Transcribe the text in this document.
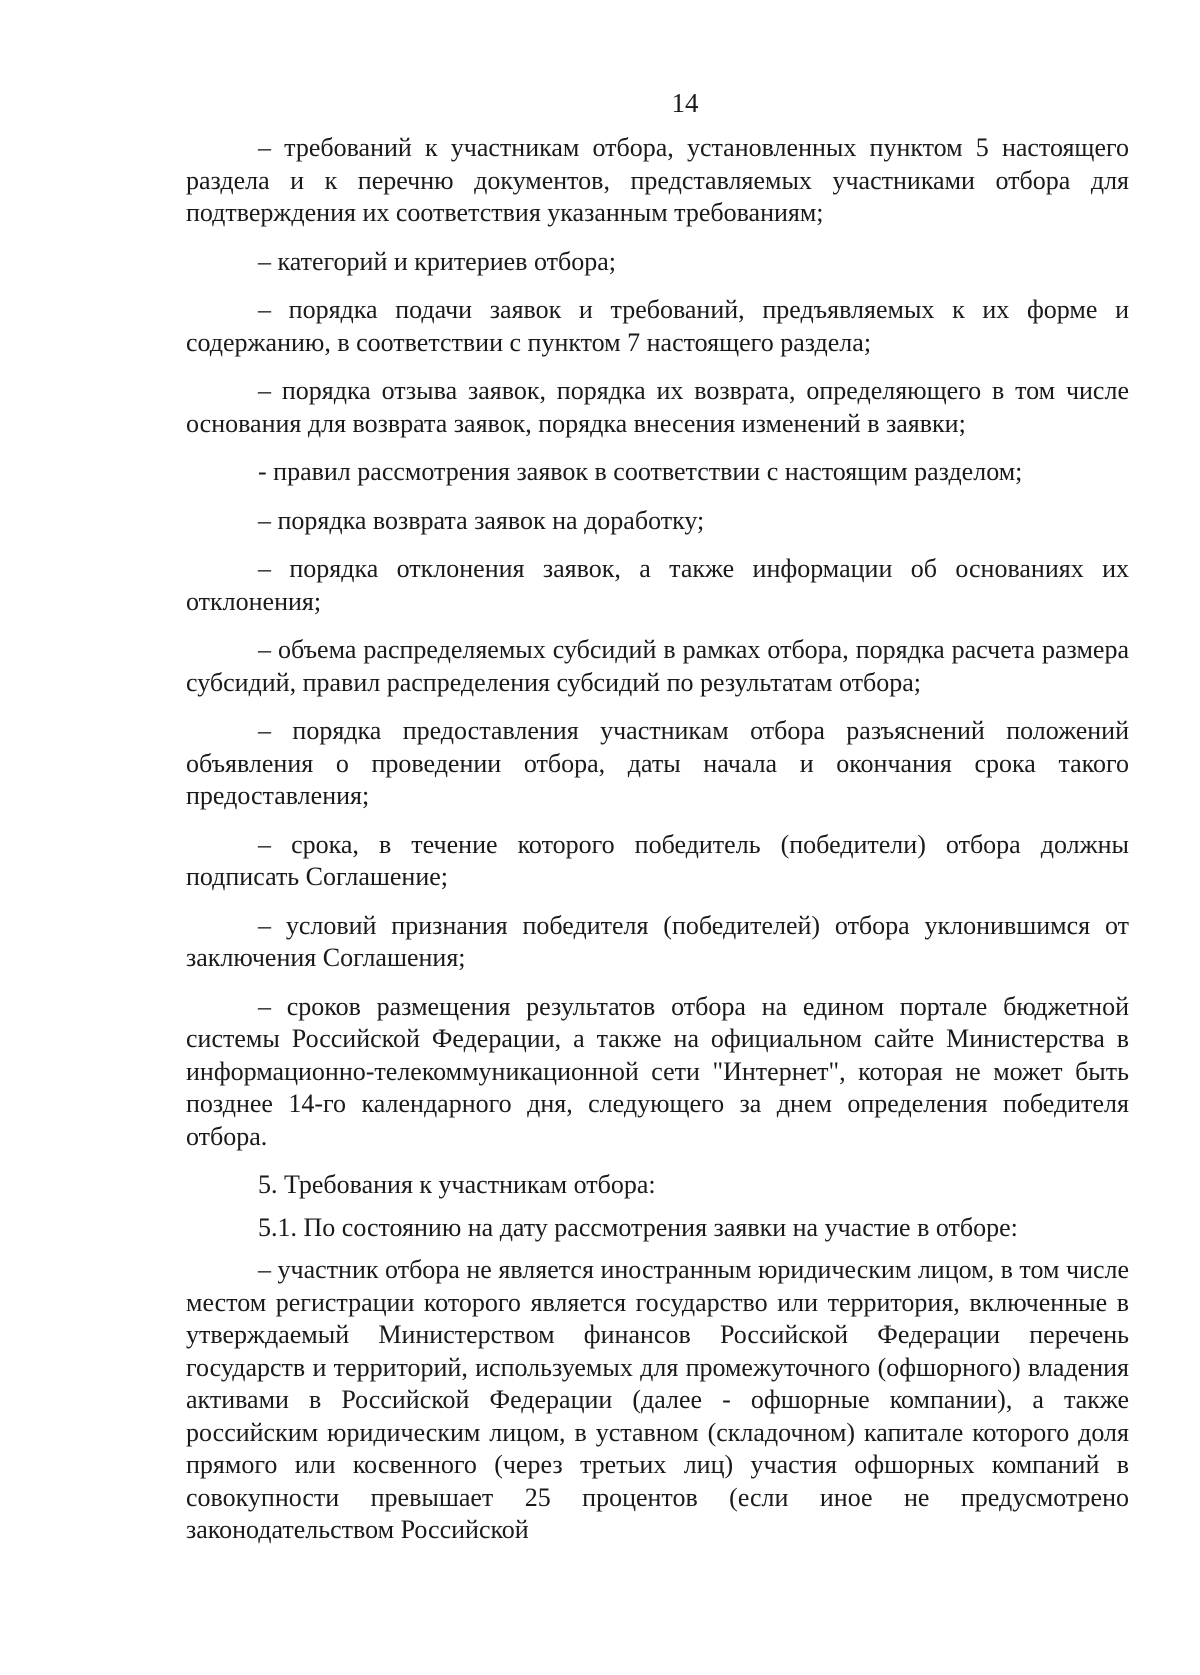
14

– требований к участникам отбора, установленных пунктом 5 настоящего раздела и к перечню документов, представляемых участниками отбора для подтверждения их соответствия указанным требованиям;

– категорий и критериев отбора;

– порядка подачи заявок и требований, предъявляемых к их форме и содержанию, в соответствии с пунктом 7 настоящего раздела;

– порядка отзыва заявок, порядка их возврата, определяющего в том числе основания для возврата заявок, порядка внесения изменений в заявки;

- правил рассмотрения заявок в соответствии с настоящим разделом;

– порядка возврата заявок на доработку;

– порядка отклонения заявок, а также информации об основаниях их отклонения;

– объема распределяемых субсидий в рамках отбора, порядка расчета размера субсидий, правил распределения субсидий по результатам отбора;

– порядка предоставления участникам отбора разъяснений положений объявления о проведении отбора, даты начала и окончания срока такого предоставления;

– срока, в течение которого победитель (победители) отбора должны подписать Соглашение;

– условий признания победителя (победителей) отбора уклонившимся от заключения Соглашения;

– сроков размещения результатов отбора на едином портале бюджетной системы Российской Федерации, а также на официальном сайте Министерства в информационно-телекоммуникационной сети "Интернет", которая не может быть позднее 14-го календарного дня, следующего за днем определения победителя отбора.

5. Требования к участникам отбора:

5.1. По состоянию на дату рассмотрения заявки на участие в отборе:

– участник отбора не является иностранным юридическим лицом, в том числе местом регистрации которого является государство или территория, включенные в утверждаемый Министерством финансов Российской Федерации перечень государств и территорий, используемых для промежуточного (офшорного) владения активами в Российской Федерации (далее - офшорные компании), а также российским юридическим лицом, в уставном (складочном) капитале которого доля прямого или косвенного (через третьих лиц) участия офшорных компаний в совокупности превышает 25 процентов (если иное не предусмотрено законодательством Российской
